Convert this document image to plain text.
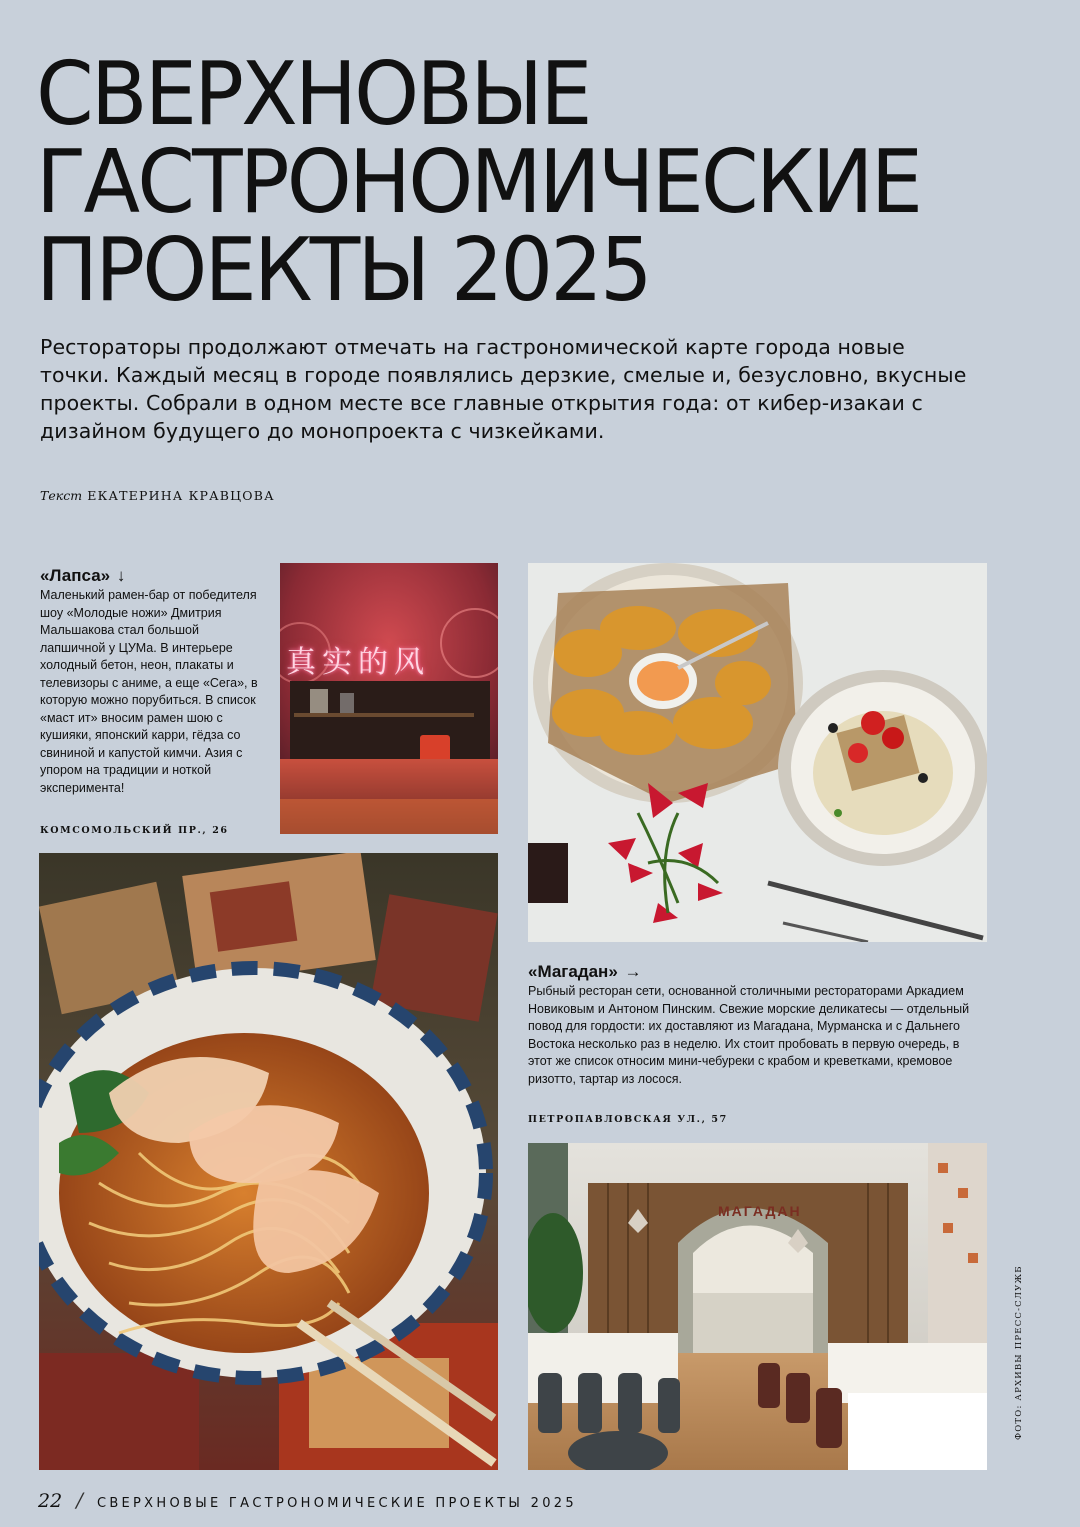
СВЕРХНОВЫЕ
ГАСТРОНОМИЧЕСКИЕ
ПРОЕКТЫ 2025

Рестораторы продолжают отмечать на гастрономической карте города новые точки. Каждый месяц в городе появлялись дерзкие, смелые и, безусловно, вкусные проекты. Собрали в одном месте все главные открытия года: от кибер-изакаи с дизайном будущего до монопроекта с чизкейками.

Текст ЕКАТЕРИНА КРАВЦОВА
«Лапса» ↓

Маленький рамен-бар от победителя шоу «Молодые ножи» Дмитрия Мальшакова стал большой лапшичной у ЦУМа. В интерьере холодный бетон, неон, плакаты и телевизоры с аниме, а еще «Сега», в которую можно порубиться. В список «маст ит» вносим рамен шою с кушияки, японский карри, гёдза со свининой и капустой кимчи. Азия с упором на традиции и ноткой эксперимента!

КОМСОМОЛЬСКИЙ ПР., 26
真实的风
«Магадан» →

Рыбный ресторан сети, основанной столичными рестораторами Аркадием Новиковым и Антоном Пинским. Свежие морские деликатесы — отдельный повод для гордости: их доставляют из Магадана, Мурманска и с Дальнего Востока несколько раз в неделю. Их стоит пробовать в первую очередь, в этот же список относим мини-чебуреки с крабом и креветками, кремовое ризотто, тартар из лосося.

ПЕТРОПАВЛОВСКАЯ УЛ., 57
МАГАДАН
ФОТО: АРХИВЫ ПРЕСС-СЛУЖБ
22 / СВЕРХНОВЫЕ ГАСТРОНОМИЧЕСКИЕ ПРОЕКТЫ 2025
